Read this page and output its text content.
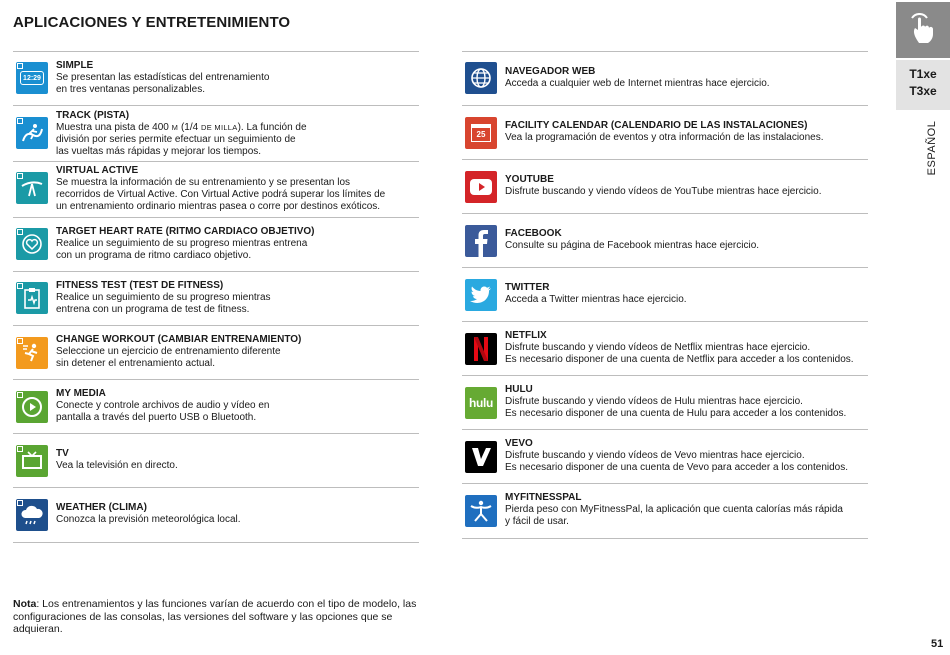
APLICACIONES Y ENTRETENIMIENTO
12:29
SIMPLE
Se presentan las estadísticas del entrenamiento
en tres ventanas personalizables.
TRACK (PISTA)
Muestra una pista de 400 M (1/4 DE MILLA). La función de
división por series permite efectuar un seguimiento de
las vueltas más rápidas y mejorar los tiempos.
VIRTUAL ACTIVE
Se muestra la información de su entrenamiento y se presentan los
recorridos de Virtual Active. Con Virtual Active podrá superar los límites de
un entrenamiento ordinario mientras pasea o corre por destinos exóticos.
TARGET HEART RATE (RITMO CARDIACO OBJETIVO)
Realice un seguimiento de su progreso mientras entrena
con un programa de ritmo cardiaco objetivo.
FITNESS TEST (TEST DE FITNESS)
Realice un seguimiento de su progreso mientras
entrena con un programa de test de fitness.
CHANGE WORKOUT (CAMBIAR ENTRENAMIENTO)
Seleccione un ejercicio de entrenamiento diferente
sin detener el entrenamiento actual.
MY MEDIA
Conecte y controle archivos de audio y vídeo en
pantalla a través del puerto USB o Bluetooth.
TV
Vea la televisión en directo.
WEATHER (CLIMA)
Conozca la previsión meteorológica local.
NAVEGADOR WEB
Acceda a cualquier web de Internet mientras hace ejercicio.
25
FACILITY CALENDAR (CALENDARIO DE LAS INSTALACIONES)
Vea la programación de eventos y otra información de las instalaciones.
YOUTUBE
Disfrute buscando y viendo vídeos de YouTube mientras hace ejercicio.
FACEBOOK
Consulte su página de Facebook mientras hace ejercicio.
TWITTER
Acceda a Twitter mientras hace ejercicio.
NETFLIX
Disfrute buscando y viendo vídeos de Netflix mientras hace ejercicio.
Es necesario disponer de una cuenta de Netflix para acceder a los contenidos.
hulu
HULU
Disfrute buscando y viendo vídeos de Hulu mientras hace ejercicio.
Es necesario disponer de una cuenta de Hulu para acceder a los contenidos.
VEVO
Disfrute buscando y viendo vídeos de Vevo mientras hace ejercicio.
Es necesario disponer de una cuenta de Vevo para acceder a los contenidos.
MYFITNESSPAL
Pierda peso con MyFitnessPal, la aplicación que cuenta calorías más rápida
y fácil de usar.
Nota: Los entrenamientos y las funciones varían de acuerdo con el tipo de modelo, las configuraciones de las consolas, las versiones del software y las opciones que se adquieran.
T1xe
T3xe
ESPAÑOL
51
